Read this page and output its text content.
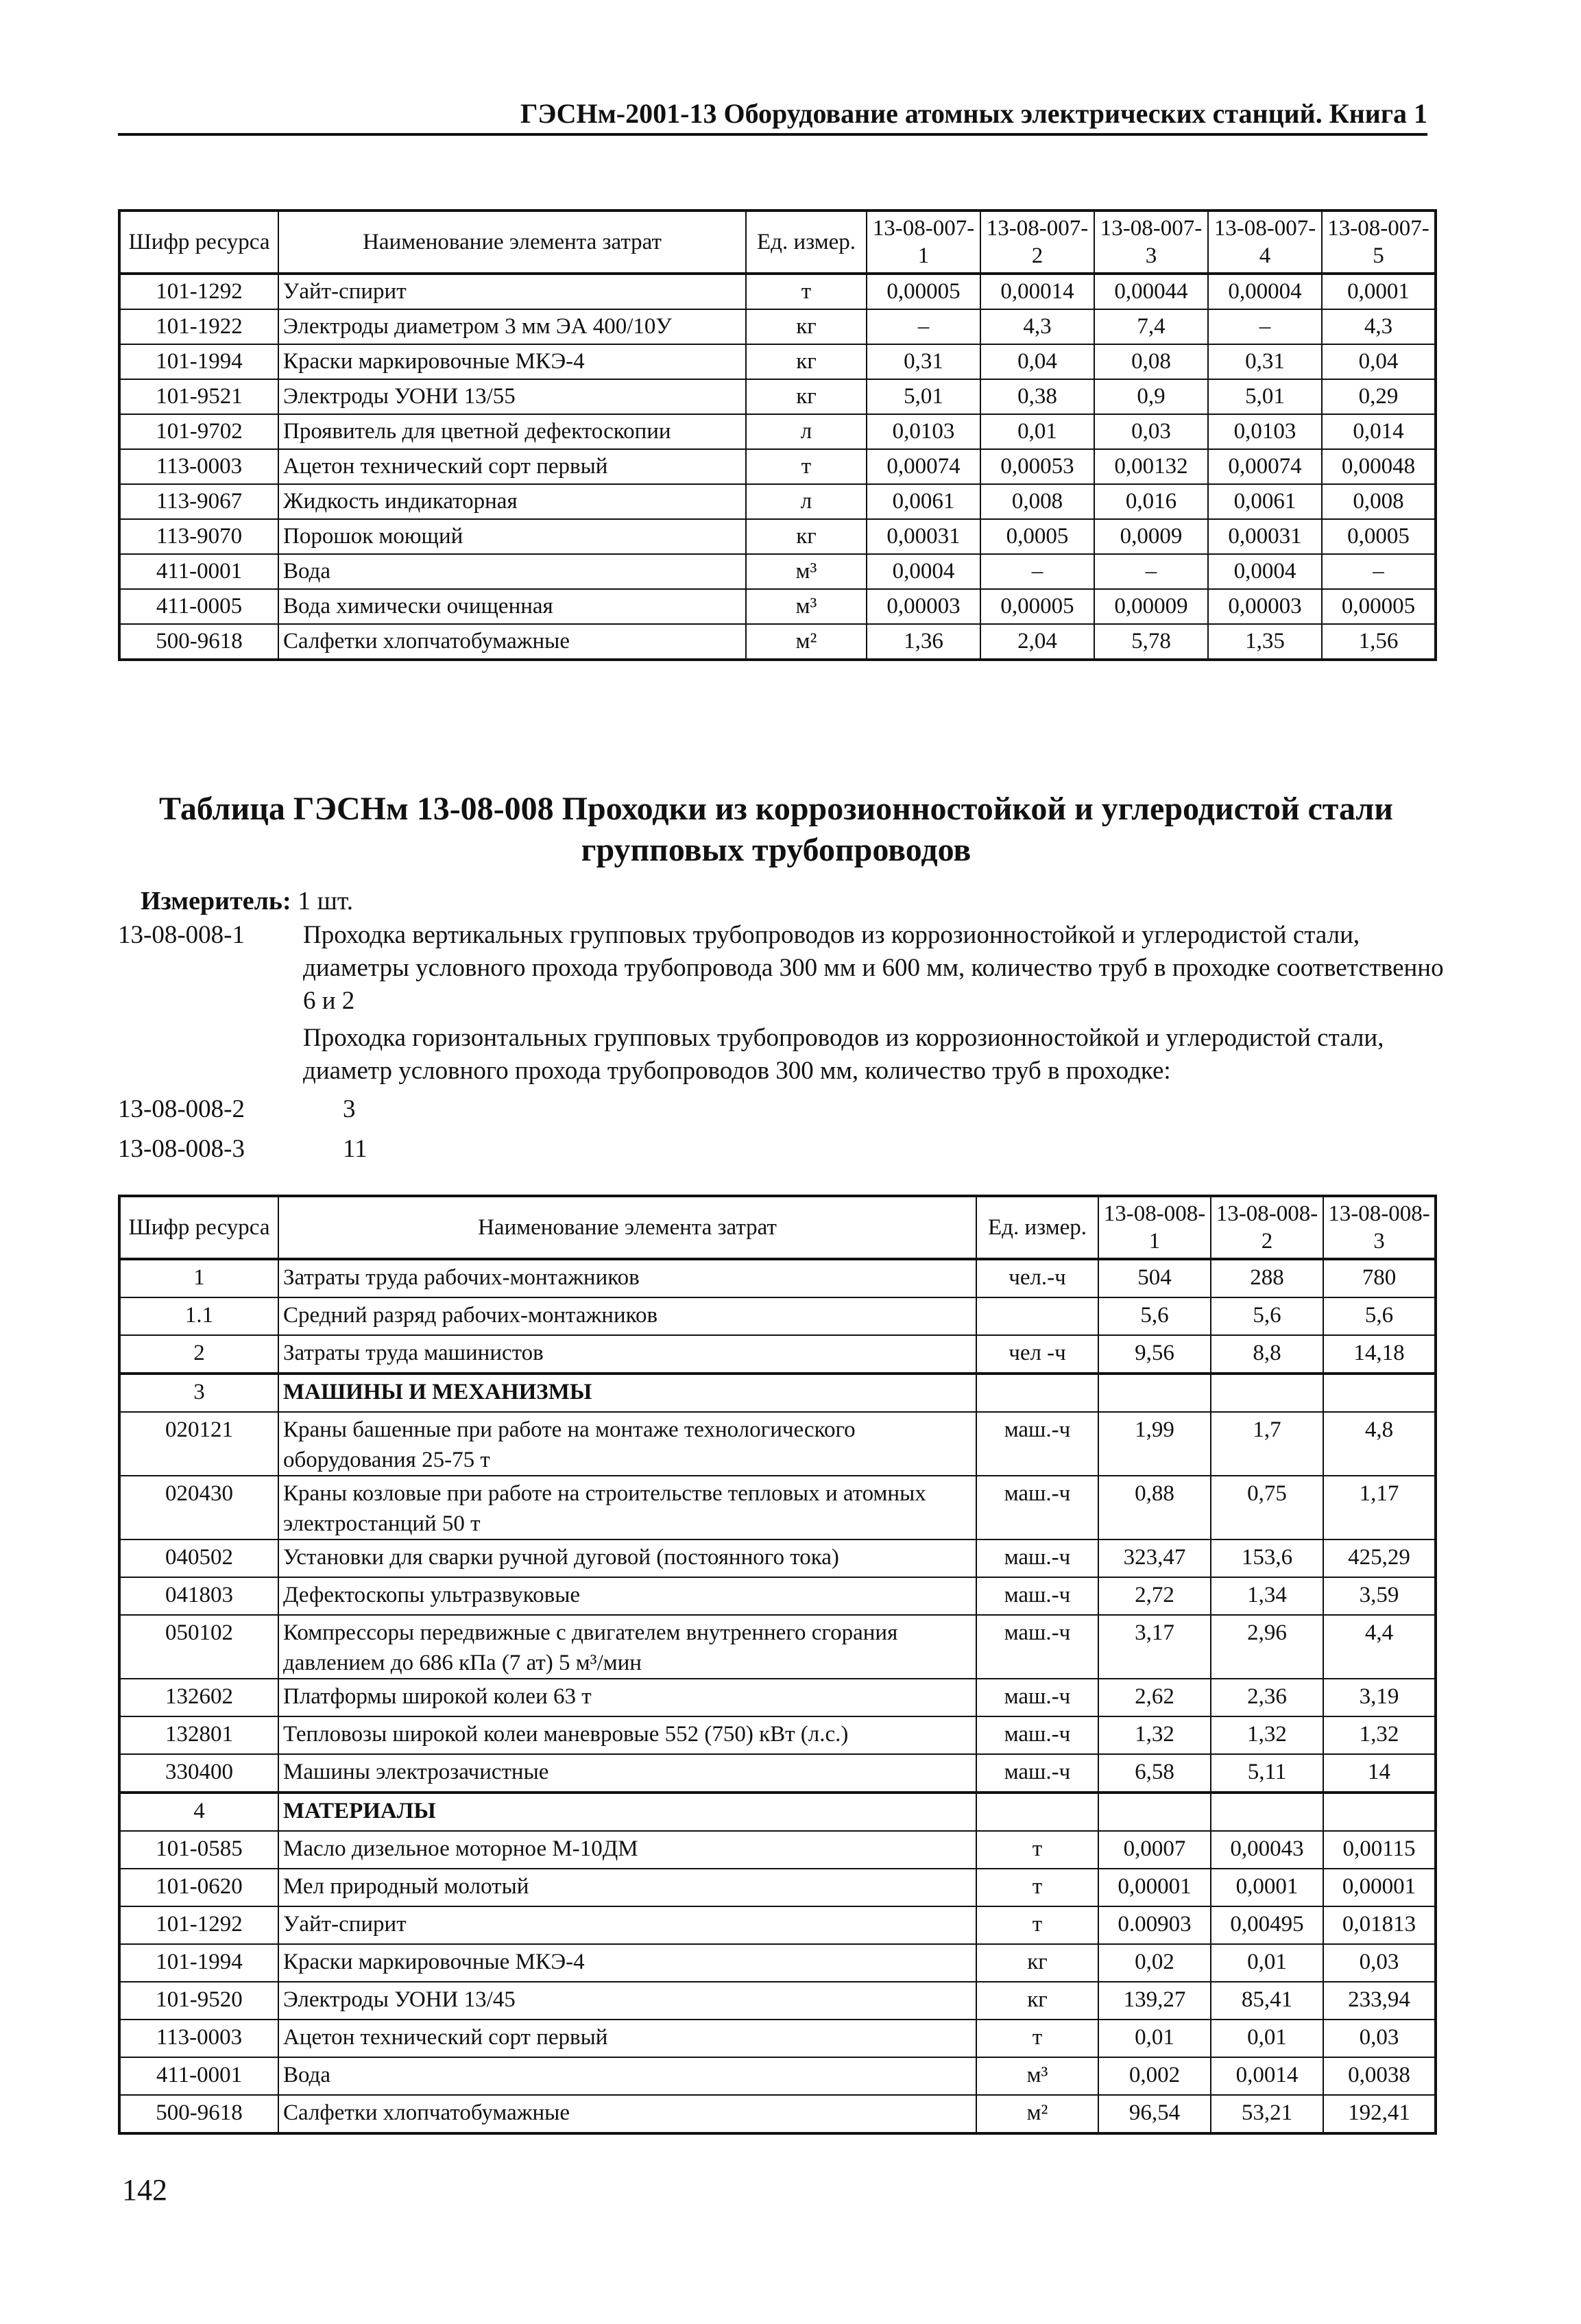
ГЭСНм-2001-13 Оборудование атомных электрических станций. Книга 1
Шифр ресурса	Наименование элемента затрат	Ед. измер.	13-08-007-1	13-08-007-2	13-08-007-3	13-08-007-4	13-08-007-5
101-1292	Уайт-спирит	т	0,00005	0,00014	0,00044	0,00004	0,0001
101-1922	Электроды диаметром 3 мм ЭА 400/10У	кг	–	4,3	7,4	–	4,3
101-1994	Краски маркировочные МКЭ-4	кг	0,31	0,04	0,08	0,31	0,04
101-9521	Электроды УОНИ 13/55	кг	5,01	0,38	0,9	5,01	0,29
101-9702	Проявитель для цветной дефектоскопии	л	0,0103	0,01	0,03	0,0103	0,014
113-0003	Ацетон технический сорт первый	т	0,00074	0,00053	0,00132	0,00074	0,00048
113-9067	Жидкость индикаторная	л	0,0061	0,008	0,016	0,0061	0,008
113-9070	Порошок моющий	кг	0,00031	0,0005	0,0009	0,00031	0,0005
411-0001	Вода	м³	0,0004	–	–	0,0004	–
411-0005	Вода химически очищенная	м³	0,00003	0,00005	0,00009	0,00003	0,00005
500-9618	Салфетки хлопчатобумажные	м²	1,36	2,04	5,78	1,35	1,56
Таблица ГЭСНм 13-08-008 Проходки из коррозионностойкой и углеродистой стали
групповых трубопроводов
Измеритель: 1 шт.
13-08-008-1 Проходка вертикальных групповых трубопроводов из коррозионностойкой и углеродистой стали, диаметры условного прохода трубопровода 300 мм и 600 мм, количество труб в проходке соответственно 6 и 2
Проходка горизонтальных групповых трубопроводов из коррозионностойкой и углеродистой стали, диаметр условного прохода трубопроводов 300 мм, количество труб в проходке:
13-08-008-2	3
13-08-008-3	11
Шифр ресурса	Наименование элемента затрат	Ед. измер.	13-08-008-1	13-08-008-2	13-08-008-3
1	Затраты труда рабочих-монтажников	чел.-ч	504	288	780
1.1	Средний разряд рабочих-монтажников		5,6	5,6	5,6
2	Затраты труда машинистов	чел -ч	9,56	8,8	14,18
3	МАШИНЫ И МЕХАНИЗМЫ				
020121	Краны башенные при работе на монтаже технологического оборудования 25-75 т	маш.-ч	1,99	1,7	4,8
020430	Краны козловые при работе на строительстве тепловых и атомных электростанций 50 т	маш.-ч	0,88	0,75	1,17
040502	Установки для сварки ручной дуговой (постоянного тока)	маш.-ч	323,47	153,6	425,29
041803	Дефектоскопы ультразвуковые	маш.-ч	2,72	1,34	3,59
050102	Компрессоры передвижные с двигателем внутреннего сгорания давлением до 686 кПа (7 ат) 5 м³/мин	маш.-ч	3,17	2,96	4,4
132602	Платформы широкой колеи 63 т	маш.-ч	2,62	2,36	3,19
132801	Тепловозы широкой колеи маневровые 552 (750) кВт (л.с.)	маш.-ч	1,32	1,32	1,32
330400	Машины электрозачистные	маш.-ч	6,58	5,11	14
4	МАТЕРИАЛЫ				
101-0585	Масло дизельное моторное М-10ДМ	т	0,0007	0,00043	0,00115
101-0620	Мел природный молотый	т	0,00001	0,0001	0,00001
101-1292	Уайт-спирит	т	0.00903	0,00495	0,01813
101-1994	Краски маркировочные МКЭ-4	кг	0,02	0,01	0,03
101-9520	Электроды УОНИ 13/45	кг	139,27	85,41	233,94
113-0003	Ацетон технический сорт первый	т	0,01	0,01	0,03
411-0001	Вода	м³	0,002	0,0014	0,0038
500-9618	Салфетки хлопчатобумажные	м²	96,54	53,21	192,41
142
